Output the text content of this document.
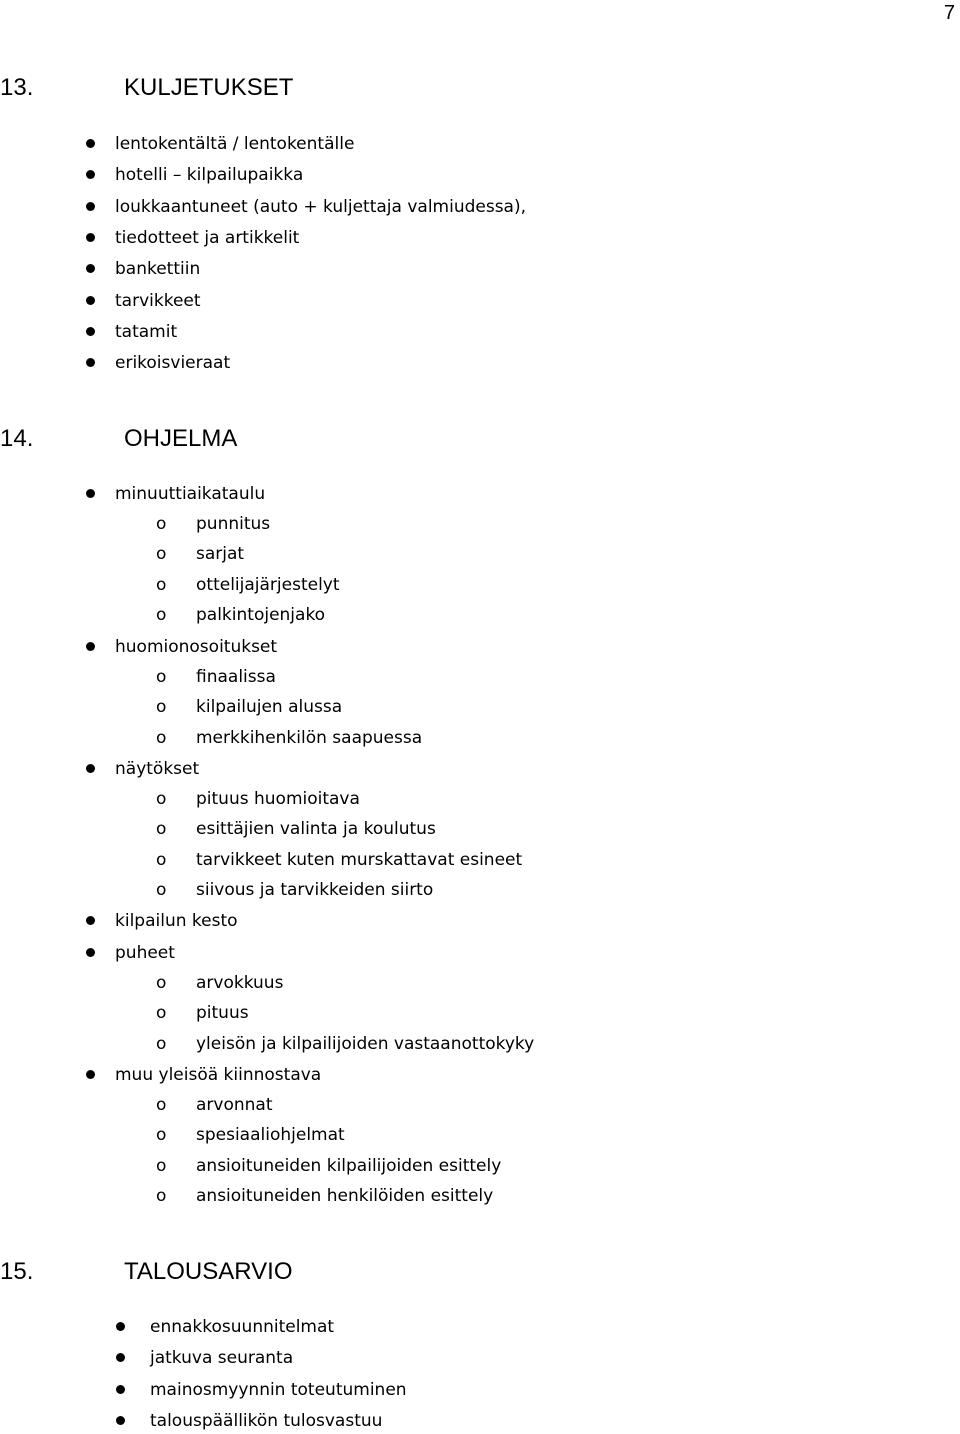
7
13.	KULJETUKSET
lentokentältä / lentokentälle
hotelli – kilpailupaikka
loukkaantuneet (auto + kuljettaja valmiudessa),
tiedotteet ja artikkelit
bankettiin
tarvikkeet
tatamit
erikoisvieraat
14.	OHJELMA
minuuttiaikataulu
o punnitus
o sarjat
o ottelijajärjestelyt
o palkintojenjako
huomionosoitukset
o finaalissa
o kilpailujen alussa
o merkkihenkilön saapuessa
näytökset
o pituus huomioitava
o esittäjien valinta ja koulutus
o tarvikkeet kuten murskattavat esineet
o siivous ja tarvikkeiden siirto
kilpailun kesto
puheet
o arvokkuus
o pituus
o yleisön ja kilpailijoiden vastaanottokyky
muu yleisöä kiinnostava
o arvonnat
o spesiaaliohjelmat
o ansioituneiden kilpailijoiden esittely
o ansioituneiden henkilöiden esittely
15.	TALOUSARVIO
ennakkosuunnitelmat
jatkuva seuranta
mainosmyynnin toteutuminen
talouspäällikön tulosvastuu
